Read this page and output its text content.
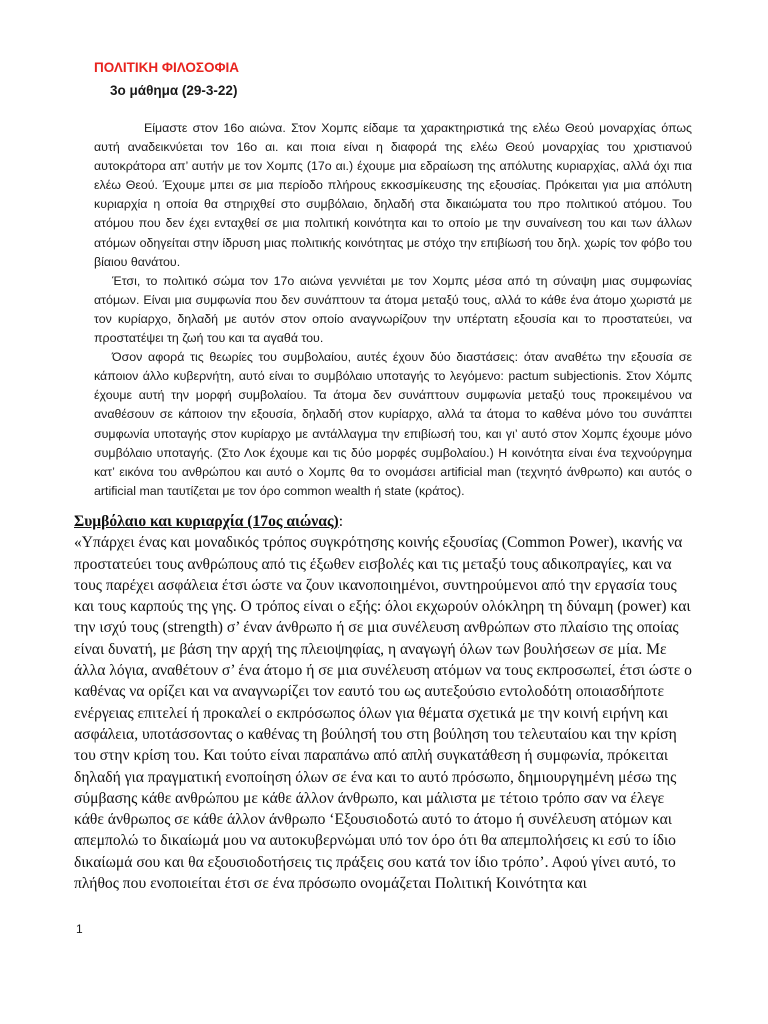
ΠΟΛΙΤΙΚΗ ΦΙΛΟΣΟΦΙΑ
3ο μάθημα (29-3-22)

Είμαστε στον 16ο αιώνα. Στον Χομπς είδαμε τα χαρακτηριστικά της ελέω Θεού μοναρχίας όπως αυτή αναδεικνύεται τον 16ο αι. και ποια είναι η διαφορά της ελέω Θεού μοναρχίας του χριστιανού αυτοκράτορα απ’ αυτήν με τον Χομπς (17ο αι.) έχουμε μια εδραίωση της απόλυτης κυριαρχίας, αλλά όχι πια ελέω Θεού. Έχουμε μπει σε μια περίοδο πλήρους εκκοσμίκευσης της εξουσίας. Πρόκειται για μια απόλυτη κυριαρχία η οποία θα στηριχθεί στο συμβόλαιο, δηλαδή στα δικαιώματα του προ πολιτικού ατόμου. Του ατόμου που δεν έχει ενταχθεί σε μια πολιτική κοινότητα και το οποίο με την συναίνεση του και των άλλων ατόμων οδηγείται στην ίδρυση μιας πολιτικής κοινότητας με στόχο την επιβίωσή του δηλ. χωρίς τον φόβο του βίαιου θανάτου.

Έτσι, το πολιτικό σώμα τον 17ο αιώνα γεννιέται με τον Χομπς μέσα από τη σύναψη μιας συμφωνίας ατόμων. Είναι μια συμφωνία που δεν συνάπτουν τα άτομα μεταξύ τους, αλλά το κάθε ένα άτομο χωριστά με τον κυρίαρχο, δηλαδή με αυτόν στον οποίο αναγνωρίζουν την υπέρτατη εξουσία και το προστατεύει, να προστατέψει τη ζωή του και τα αγαθά του.

Όσον αφορά τις θεωρίες του συμβολαίου, αυτές έχουν δύο διαστάσεις: όταν αναθέτω την εξουσία σε κάποιον άλλο κυβερνήτη, αυτό είναι το συμβόλαιο υποταγής το λεγόμενο: pactum subjectionis. Στον Χόμπς έχουμε αυτή την μορφή συμβολαίου. Τα άτομα δεν συνάπτουν συμφωνία μεταξύ τους προκειμένου να αναθέσουν σε κάποιον την εξουσία, δηλαδή στον κυρίαρχο, αλλά τα άτομα το καθένα μόνο του συνάπτει συμφωνία υποταγής στον κυρίαρχο με αντάλλαγμα την επιβίωσή του, και γι’ αυτό στον Χομπς έχουμε μόνο συμβόλαιο υποταγής. (Στο Λοκ έχουμε και τις δύο μορφές συμβολαίου.) Η κοινότητα είναι ένα τεχνούργημα κατ’ εικόνα του ανθρώπου και αυτό ο Χομπς θα το ονομάσει artificial man (τεχνητό άνθρωπο) και αυτός ο artificial man ταυτίζεται με τον όρο common wealth ή state (κράτος).

Συμβόλαιο και κυριαρχία (17ος αιώνας):
«Υπάρχει ένας και μοναδικός τρόπος συγκρότησης κοινής εξουσίας (Common Power), ικανής να προστατεύει τους ανθρώπους από τις έξωθεν εισβολές και τις μεταξύ τους αδικοπραγίες, και να τους παρέχει ασφάλεια έτσι ώστε να ζουν ικανοποιημένοι, συντηρούμενοι από την εργασία τους και τους καρπούς της γης. Ο τρόπος είναι ο εξής: όλοι εκχωρούν ολόκληρη τη δύναμη (power) και την ισχύ τους (strength) σ’ έναν άνθρωπο ή σε μια συνέλευση ανθρώπων στο πλαίσιο της οποίας είναι δυνατή, με βάση την αρχή της πλειοψηφίας, η αναγωγή όλων των βουλήσεων σε μία. Με άλλα λόγια, αναθέτουν σ’ ένα άτομο ή σε μια συνέλευση ατόμων να τους εκπροσωπεί, έτσι ώστε ο καθένας να ορίζει και να αναγνωρίζει τον εαυτό του ως αυτεξούσιο εντολοδότη οποιασδήποτε ενέργειας επιτελεί ή προκαλεί ο εκπρόσωπος όλων για θέματα σχετικά με την κοινή ειρήνη και ασφάλεια, υποτάσσοντας ο καθένας τη βούλησή του στη βούληση του τελευταίου και την κρίση του στην κρίση του. Και τούτο είναι παραπάνω από απλή συγκατάθεση ή συμφωνία, πρόκειται δηλαδή για πραγματική ενοποίηση όλων σε ένα και το αυτό πρόσωπο, δημιουργημένη μέσω της σύμβασης κάθε ανθρώπου με κάθε άλλον άνθρωπο, και μάλιστα με τέτοιο τρόπο σαν να έλεγε κάθε άνθρωπος σε κάθε άλλον άνθρωπο ‘Εξουσιοδοτώ αυτό το άτομο ή συνέλευση ατόμων και απεμπολώ το δικαίωμά μου να αυτοκυβερνώμαι υπό τον όρο ότι θα απεμπολήσεις κι εσύ το ίδιο δικαίωμά σου και θα εξουσιοδοτήσεις τις πράξεις σου κατά τον ίδιο τρόπο’. Αφού γίνει αυτό, το πλήθος που ενοποιείται έτσι σε ένα πρόσωπο ονομάζεται Πολιτική Κοινότητα και
1
